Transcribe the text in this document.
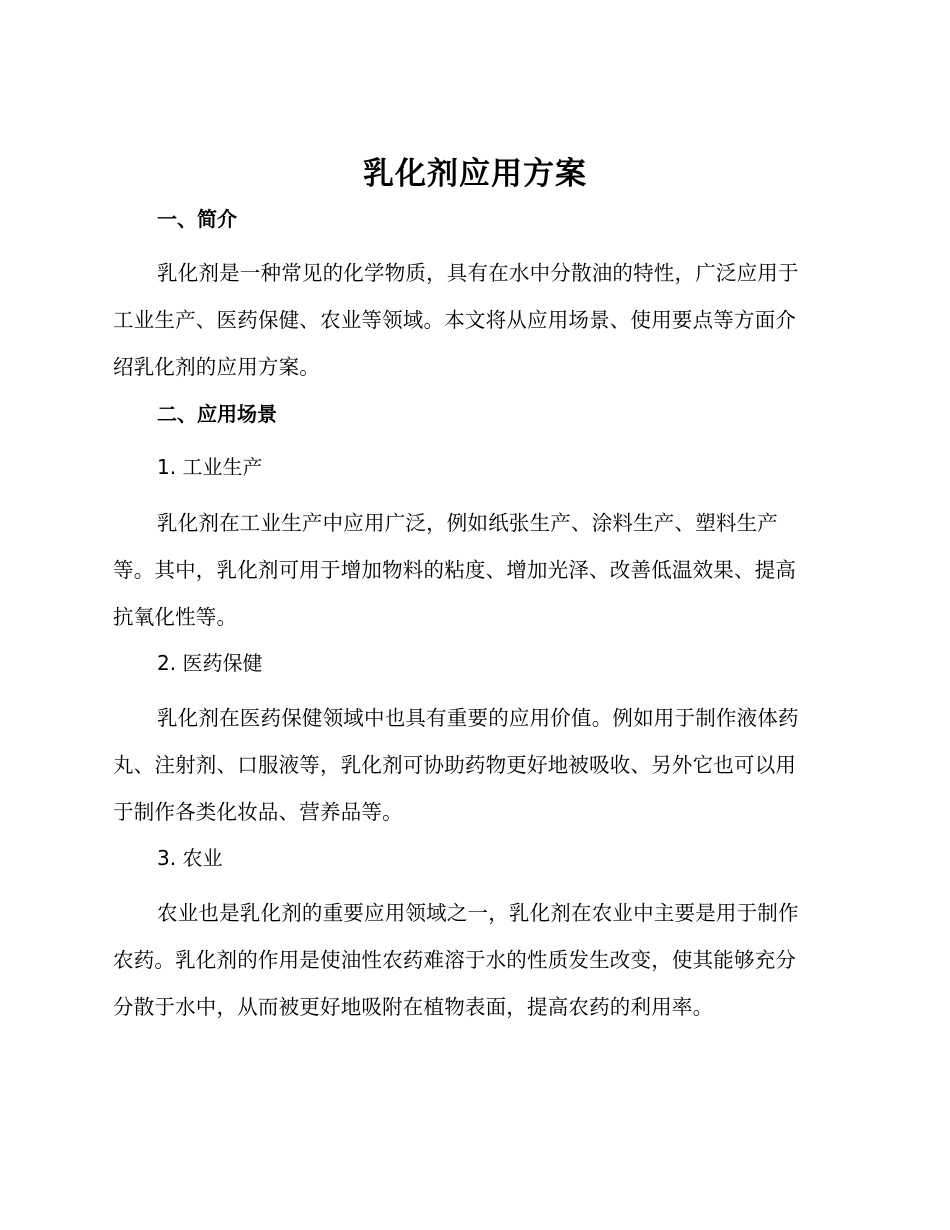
乳化剂应用方案
一、简介
乳化剂是一种常见的化学物质，具有在水中分散油的特性，广泛应用于
工业生产、医药保健、农业等领域。本文将从应用场景、使用要点等方面介
绍乳化剂的应用方案。
二、应用场景
1. 工业生产
乳化剂在工业生产中应用广泛，例如纸张生产、涂料生产、塑料生产
等。其中，乳化剂可用于增加物料的粘度、增加光泽、改善低温效果、提高
抗氧化性等。
2. 医药保健
乳化剂在医药保健领域中也具有重要的应用价值。例如用于制作液体药
丸、注射剂、口服液等，乳化剂可协助药物更好地被吸收、另外它也可以用
于制作各类化妆品、营养品等。
3. 农业
农业也是乳化剂的重要应用领域之一，乳化剂在农业中主要是用于制作
农药。乳化剂的作用是使油性农药难溶于水的性质发生改变，使其能够充分
分散于水中，从而被更好地吸附在植物表面，提高农药的利用率。
